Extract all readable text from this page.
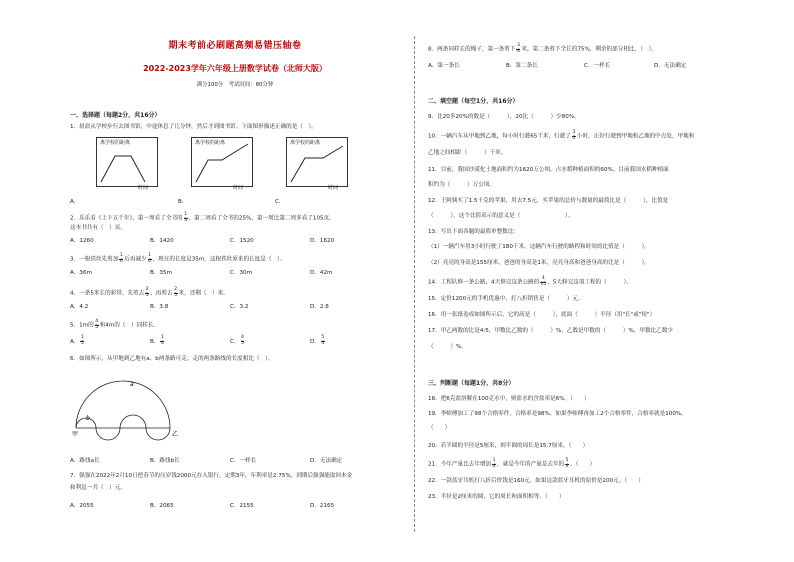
期末考前必刷题高频易错压轴卷
2022-2023学年六年级上册数学试卷（北师大版）
满分100分　考试时间：80分钟
一、选择题（每题2分，共16分）
1．晨晨从学校步行去图书馆，中途休息了几分钟，然后才到图书馆。下面图形描述正确的是（　）。
离学校的距离
时间
离学校的距离
时间
离学校的距离
时间
A．	B．	C．
2．乐乐看《上下五千年》，第一周看了全书的 $\frac{1}{3}$ ，第二周看了全书的25%，第一周比第二周多看了105页，
这本书共有（　）页。
A．1260	B．1420	C．1520	D．1620
3．一根铁丝先剪加 $\frac{1}{6}$ 后再减少 $\frac{1}{6}$ ，现在的长度是35m，这根铁丝原来的长度是（　）。
A．36m	B．35m	C．30m	D．42m
4．一条5米长的彩带，先剪去 $\frac{2}{5}$ ，再剪去 $\frac{2}{5}$ 米，还剩（　）米。
A．4.2	B．3.8	C．3.2	D．2.8
5．1m的 $\frac{4}{5}$ 和4m的（　）同样长。
A． $\frac{1}{5}$	B． $\frac{1}{4}$	C． $\frac{4}{5}$	D． $\frac{5}{4}$
6．如图所示，从甲地到乙地有a、b两条路可走，走的两条路线的长度相比（　）。
甲	乙
a
b
A．路线a长	B．路线b长	C．一样长	D．无法确定
7．强强在2022年2月10日把春节的压岁钱2000元存入银行，定期3年，年利率是2.75%，到期后强强能取回本金
和利息一共（　）元。
A．2055	B．2065	C．2155	D．2165
8．两条同样长的绳子，第一条剪下 $\frac{3}{4}$ 米，第二条剪下全长的75%，剩余的部分相比，（　）。
A．第一条长	B．第二条长	C．一样长	D．无法确定
二、填空题（每空1分，共16分）
9．比20多20%的数是（　　　），20比（　　　）少80%。
10．一辆汽车从甲地到乙地，每小时行驶65千米，行驶了 $\frac{3}{5}$ 小时，正好行驶到甲地和乙地的中点处，甲地和
乙地之间相距（　　　）千米。
11．目前，我国沙漠化土地面积约为1620万公顷，占水稻种植面积的60%。目前我国水稻种植面
积约为（　　　）万公顷。
12．王阿姨买了1.5千克的苹果，用去7.5元，买苹果的总价与数量的最简比是（　　　），比值是
（　　　），这个比值表示的意义是（　　　　　　　　）。
13．写出下面各题的最简单整数比：
（1）一辆汽车用3小时行驶了180千米，这辆汽车行驶的路程和时间的比值是（　　　）。
（2）亮亮的身高是155厘米，爸爸的身高是1米，亮亮身高和爸爸身高的比是（　　　）。
14．工程队修一条公路，4天修完这条公路的 $\frac{4}{15}$ ，5天修完这项工程的（　　　）。
15．定价1200元的手机优惠中，打八折销售是（　　　）元。
16．用一张纸卷成如图所示后，它的高是（　　　），底面（　　　）半径（用"长"或"短"）
17．甲乙两数的比是4:5，甲数比乙数的（　　　）%，乙数是甲数的（　　　）%，甲数比乙数少
（　　　）%。
三、判断题（每题1分，共8分）
18．把6克盐溶解在100克水中，则盐水的含盐率是6%。（　　）
19．李师傅加工了98个合格零件，合格率是98%。如果李师傅再加工2个合格零件，合格率就是100%。
（　　）
20．若半圆的半径是5厘米，则半圆的周长是15.7厘米。（　　）
21．今年产量比去年增加 $\frac{1}{4}$ ，就是今年的产量是去年的 $\frac{5}{4}$ 。（　　）
22．一款蓝牙耳机打八折后价钱是160元，如果这款蓝牙耳机的原价是200元。（　　）
23．半径是2厘米的圆，它的周长和面积相等。（　　）
